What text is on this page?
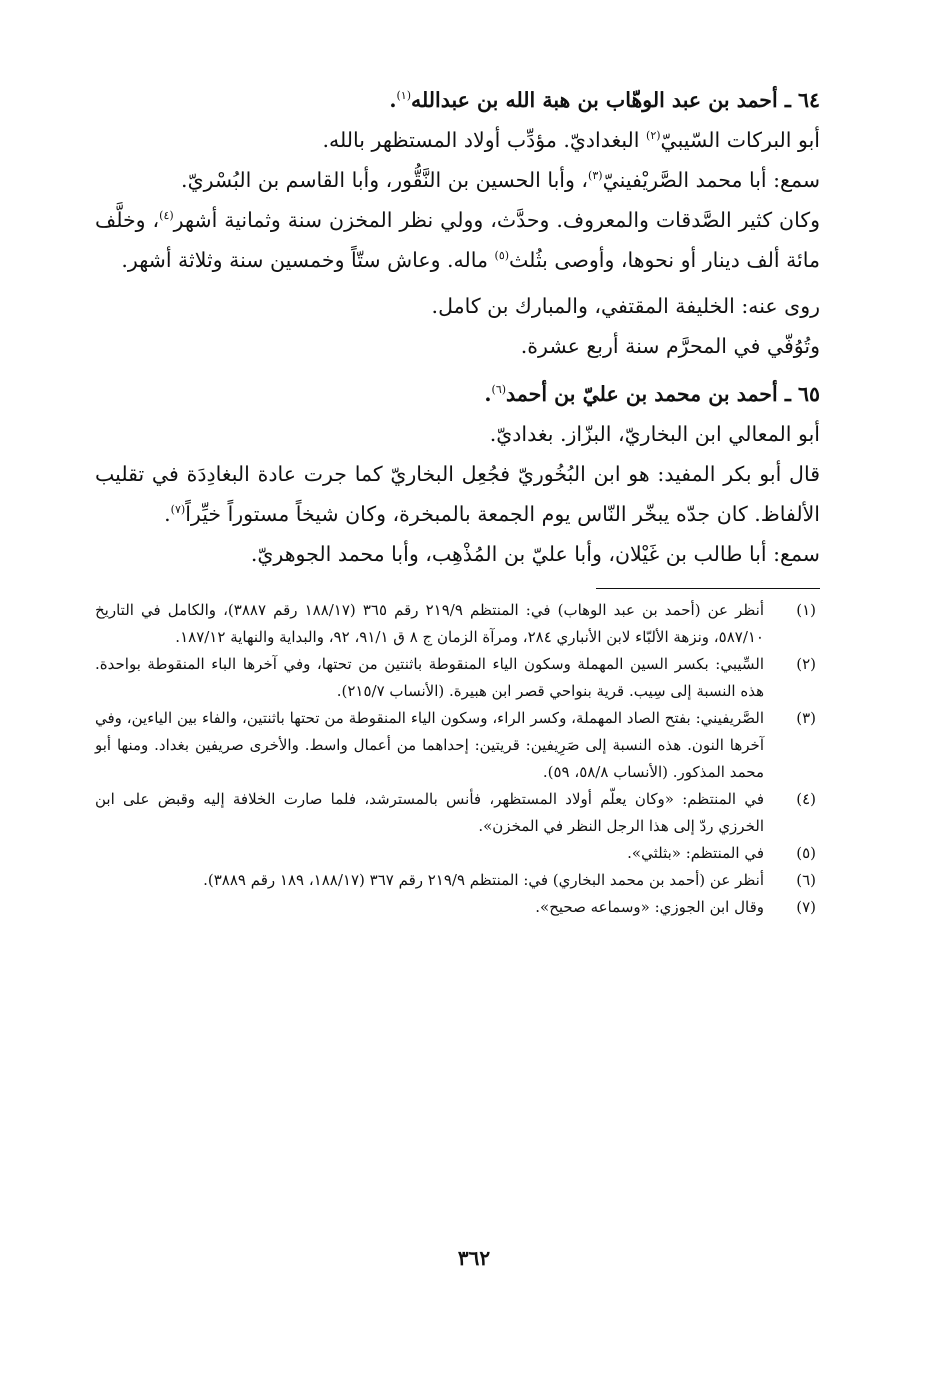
٦٤ ـ أحمد بن عبد الوهّاب بن هبة الله بن عبدالله$^{(١)}$.

أبو البركات السّيبيّ$^{(٢)}$ البغداديّ. مؤدِّب أولاد المستظهر بالله.

سمع: أبا محمد الصَّريْفينيّ$^{(٣)}$، وأبا الحسين بن النَّقُّور، وأبا القاسم بن البُسْريّ.

وكان كثير الصَّدقات والمعروف. وحدَّث، وولي نظر المخزن سنة وثمانية أشهر$^{(٤)}$، وخلَّف مائة ألف دينار أو نحوها، وأوصى بثُلث$^{(٥)}$ ماله. وعاش ستّاً وخمسين سنة وثلاثة أشهر.

روى عنه: الخليفة المقتفي، والمبارك بن كامل.

وتُوُفّي في المحرَّم سنة أربع عشرة.

٦٥ ـ أحمد بن محمد بن عليّ بن أحمد$^{(٦)}$.

أبو المعالي ابن البخاريّ، البزّاز. بغداديّ.

قال أبو بكر المفيد: هو ابن البُخُوريّ فجُعِل البخاريّ كما جرت عادة البغادِدَة في تقليب الألفاظ. كان جدّه يبخّر النّاس يوم الجمعة بالمبخرة، وكان شيخاً مستوراً خيِّراً$^{(٧)}$.

سمع: أبا طالب بن غَيْلان، وأبا عليّ بن المُذْهِب، وأبا محمد الجوهريّ.

(١)
أنظر عن (أحمد بن عبد الوهاب) في: المنتظم ٢١٩/٩ رقم ٣٦٥ (١٨٨/١٧ رقم ٣٨٨٧)، والكامل في التاريخ ٥٨٧/١٠، ونزهة الألبّاء لابن الأنباري ٢٨٤، ومرآة الزمان ج ٨ ق ٩١/١، ٩٢، والبداية والنهاية ١٨٧/١٢.
(٢)
السِّيبي: بكسر السين المهملة وسكون الياء المنقوطة باثنتين من تحتها، وفي آخرها الباء المنقوطة بواحدة. هذه النسبة إلى سِيب. قرية بنواحي قصر ابن هبيرة. (الأنساب ٢١٥/٧).
(٣)
الصَّريفيني: بفتح الصاد المهملة، وكسر الراء، وسكون الياء المنقوطة من تحتها باثنتين، والفاء بين الياءين، وفي آخرها النون. هذه النسبة إلى صَرِيفين: قريتين: إحداهما من أعمال واسط. والأخرى صريفين بغداد. ومنها أبو محمد المذكور. (الأنساب ٥٨/٨، ٥٩).
(٤)
في المنتظم: «وكان يعلّم أولاد المستظهر، فأنس بالمسترشد، فلما صارت الخلافة إليه وقبض على ابن الخرزي ردّ إلى هذا الرجل النظر في المخزن».
(٥)
في المنتظم: «بثلثي».
(٦)
أنظر عن (أحمد بن محمد البخاري) في: المنتظم ٢١٩/٩ رقم ٣٦٧ (١٨٨/١٧، ١٨٩ رقم ٣٨٨٩).
(٧)
وقال ابن الجوزي: «وسماعه صحيح».
٣٦٢
